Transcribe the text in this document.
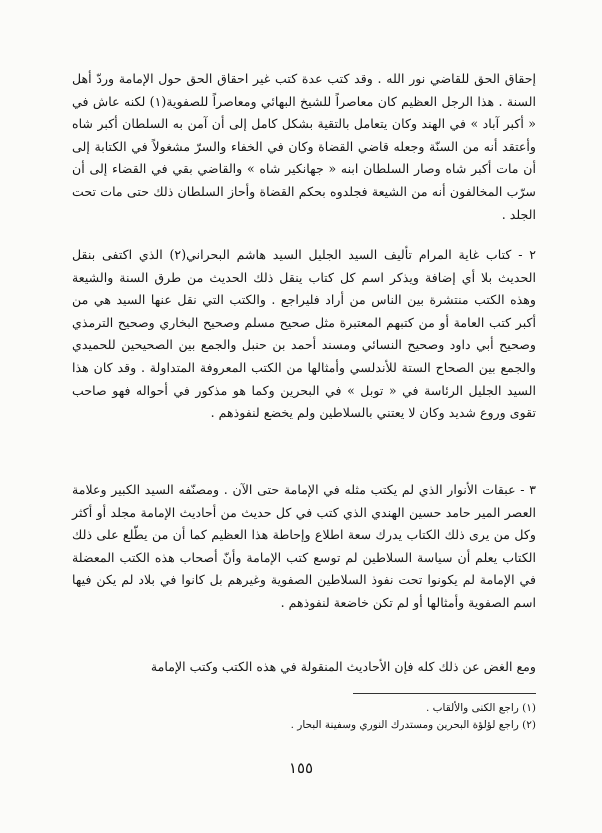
إحقاق الحق للقاضي نور الله . وقد كتب عدة كتب غير احقاق الحق حول الإمامة وردّ أهل السنة . هذا الرجل العظيم كان معاصراً للشيخ البهائي ومعاصراً للصفوية(١) لكنه عاش في « أكبر آباد » في الهند وكان يتعامل بالتقية بشكل كامل إلى أن آمن به السلطان أكبر شاه وأعتقد أنه من السنّة وجعله قاضي القضاة وكان في الخفاء والسرّ مشغولاً في الكتابة إلى أن مات أكبر شاه وصار السلطان ابنه « جهانكير شاه » والقاضي بقي في القضاء إلى أن سرّب المخالفون أنه من الشيعة فجلدوه بحكم القضاة وأحاز السلطان ذلك حتى مات تحت الجلد .

٢ - كتاب غاية المرام تأليف السيد الجليل السيد هاشم البحراني(٢) الذي اكتفى بنقل الحديث بلا أي إضافة ويذكر اسم كل كتاب ينقل ذلك الحديث من طرق السنة والشيعة وهذه الكتب منتشرة بين الناس من أراد فليراجع . والكتب التي نقل عنها السيد هي من أكبر كتب العامة أو من كتبهم المعتبرة مثل صحيح مسلم وصحيح البخاري وصحيح الترمذي وصحيح أبي داود وصحيح النسائي ومسند أحمد بن حنبل والجمع بين الصحيحين للحميدي والجمع بين الصحاح الستة للأندلسي وأمثالها من الكتب المعروفة المتداولة . وقد كان هذا السيد الجليل الرئاسة في « توبل » في البحرين وكما هو مذكور في أحواله فهو صاحب تقوى وروع شديد وكان لا يعتني بالسلاطين ولم يخضع لنفوذهم .

٣ - عبقات الأنوار الذي لم يكتب مثله في الإمامة حتى الآن . ومصنّفه السيد الكبير وعلامة العصر المير حامد حسين الهندي الذي كتب في كل حديث من أحاديث الإمامة مجلد أو أكثر وكل من يرى ذلك الكتاب يدرك سعة اطلاع وإحاطة هذا العظيم كما أن من يطّلع على ذلك الكتاب يعلم أن سياسة السلاطين لم توسع كتب الإمامة وأنّ أصحاب هذه الكتب المعضلة في الإمامة لم يكونوا تحت نفوذ السلاطين الصفوية وغيرهم بل كانوا في بلاد لم يكن فيها اسم الصفوية وأمثالها أو لم تكن خاضعة لنفوذهم .

ومع الغض عن ذلك كله فإن الأحاديث المنقولة في هذه الكتب وكتب الإمامة

(١) راجع الكنى والألقاب .

(٢) راجع لؤلؤة البحرين ومستدرك النوري وسفينة البحار .

١٥٥
